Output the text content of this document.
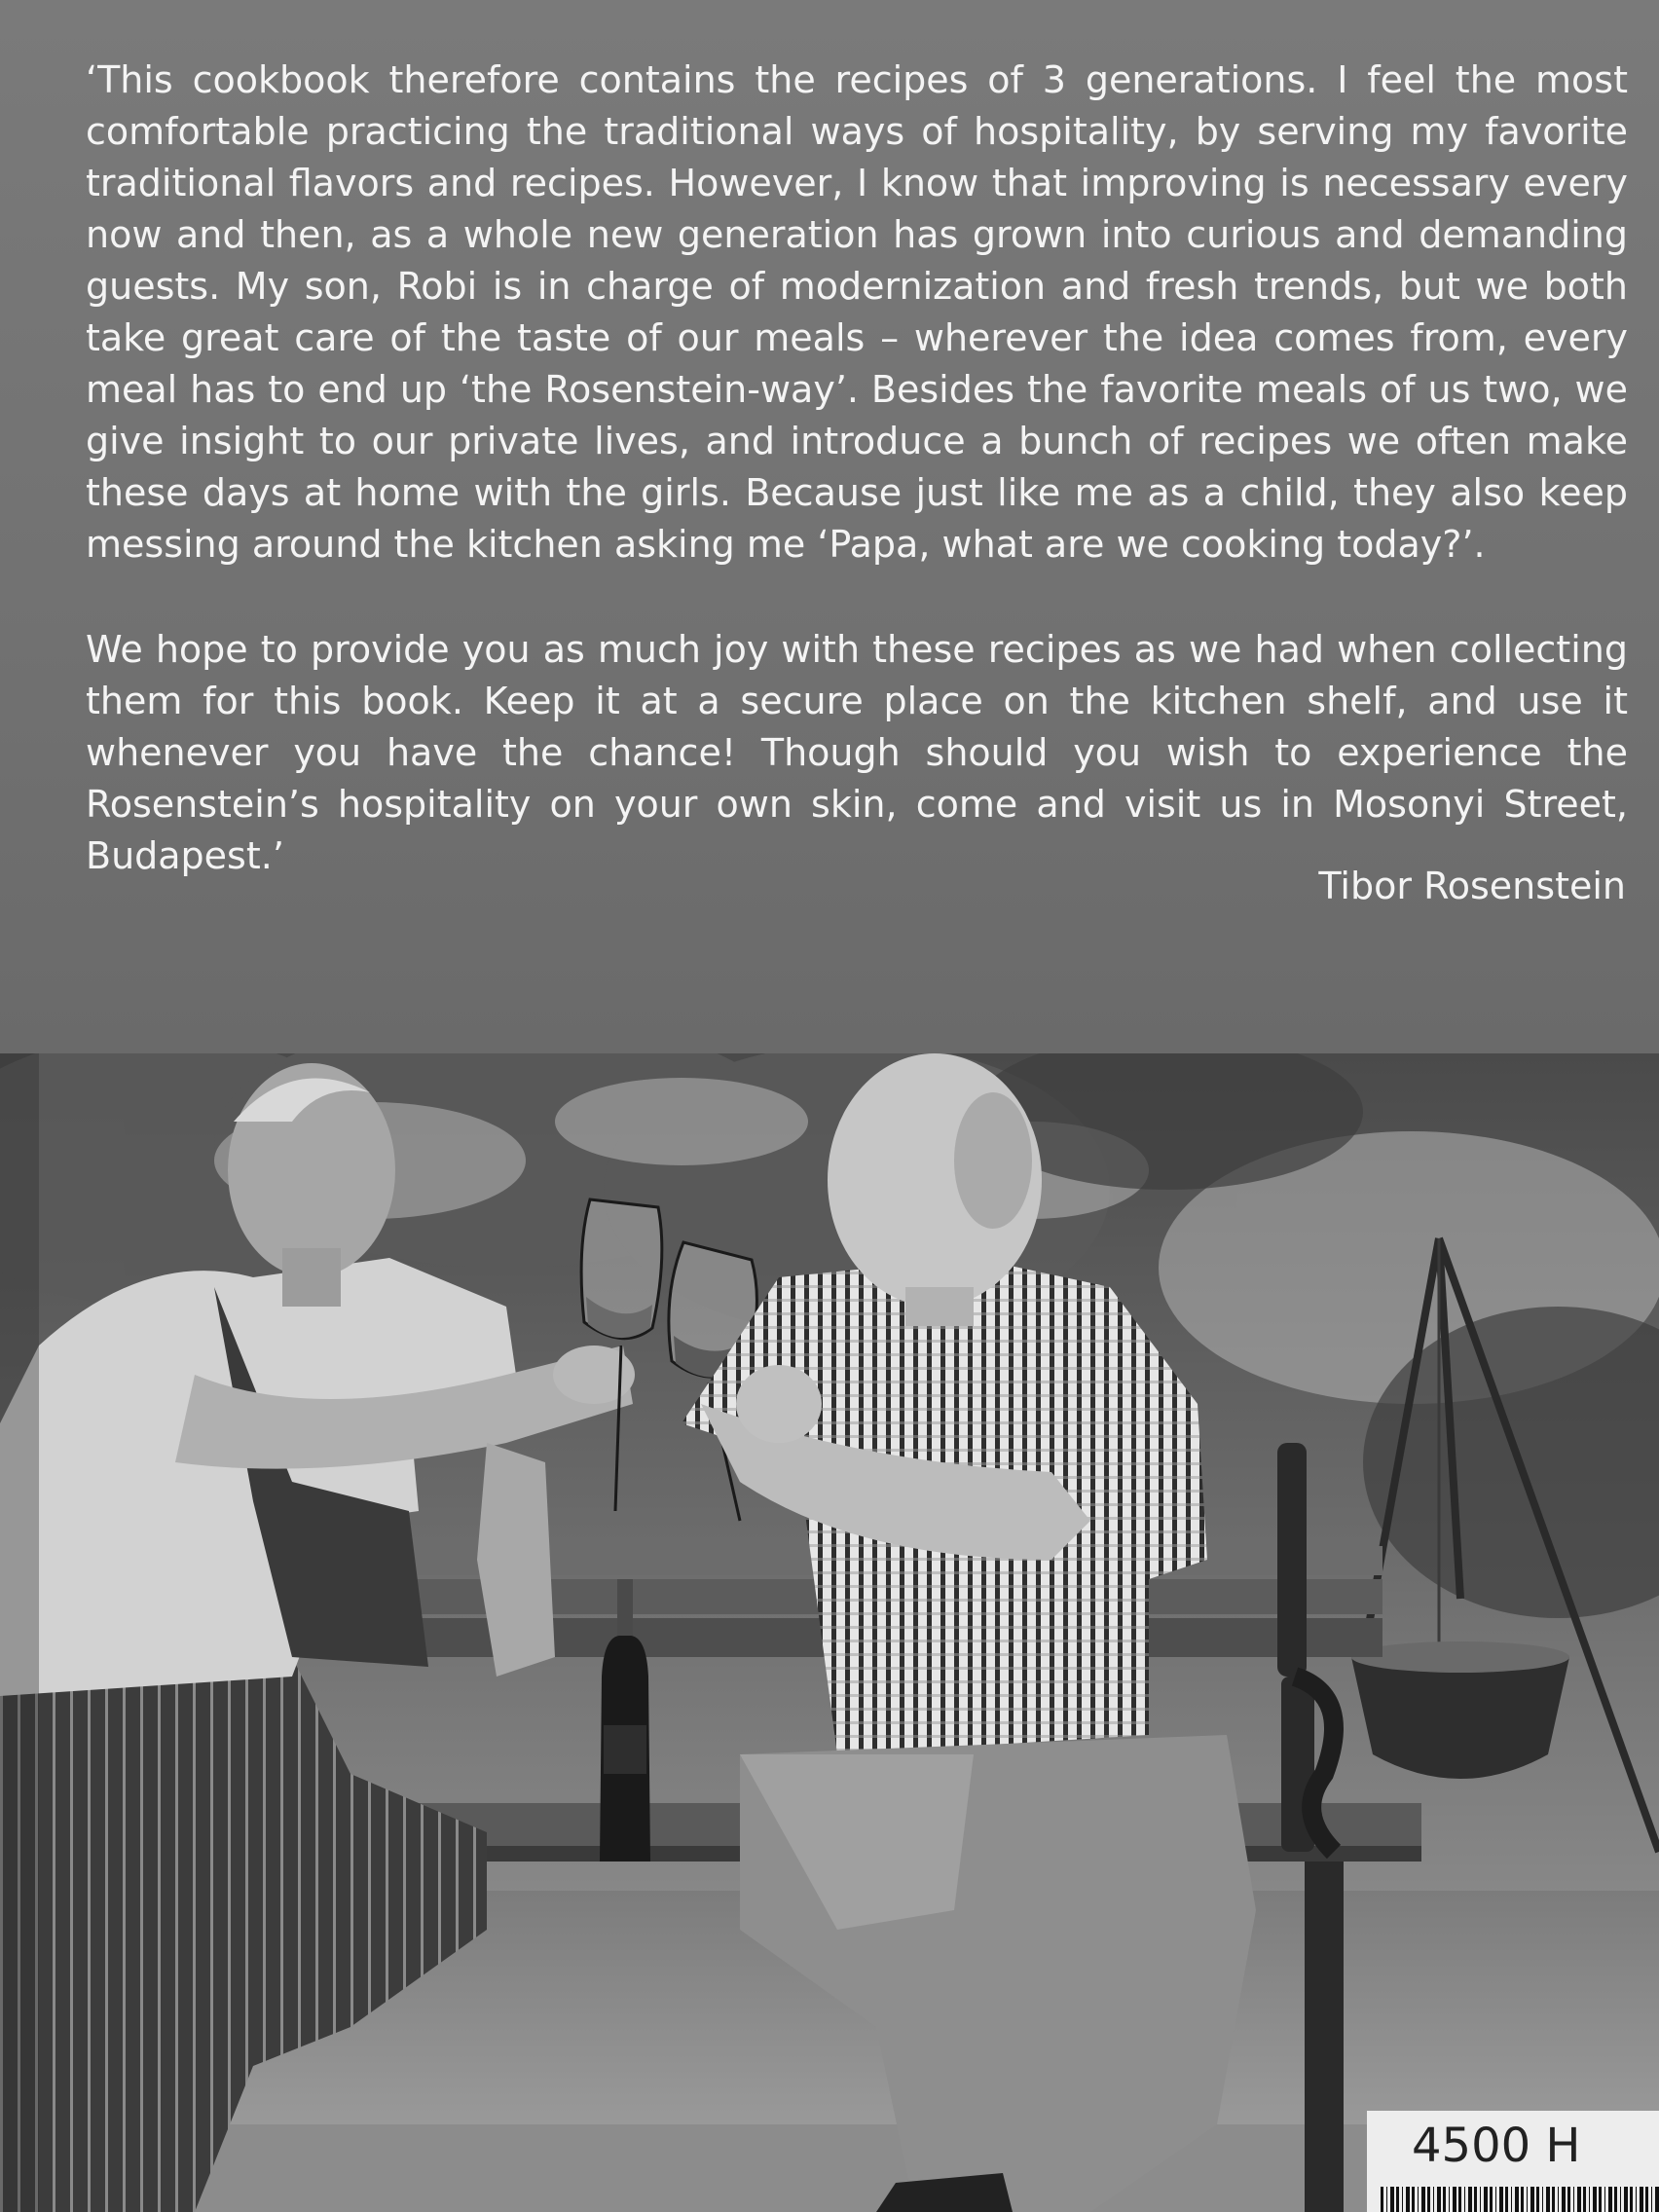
‘This cookbook therefore contains the recipes of 3 generations. I feel the most comfortable practicing the traditional ways of hospitality, by serving my favorite traditional flavors and recipes. However, I know that improving is necessary every now and then, as a whole new generation has grown into curious and demanding guests. My son, Robi is in charge of modernization and fresh trends, but we both take great care of the taste of our meals – wherever the idea comes from, every meal has to end up ‘the Rosenstein-way’. Besides the favorite meals of us two, we give insight to our private lives, and introduce a bunch of recipes we often make these days at home with the girls. Because just like me as a child, they also keep messing around the kitchen asking me ‘Papa, what are we cooking today?’.

We hope to provide you as much joy with these recipes as we had when collecting them for this book. Keep it at a secure place on the kitchen shelf, and use it whenever you have the chance! Though should you wish to experience the Rosenstein’s hospitality on your own skin, come and visit us in Mosonyi Street, Budapest.’

Tibor Rosenstein
4500 H
